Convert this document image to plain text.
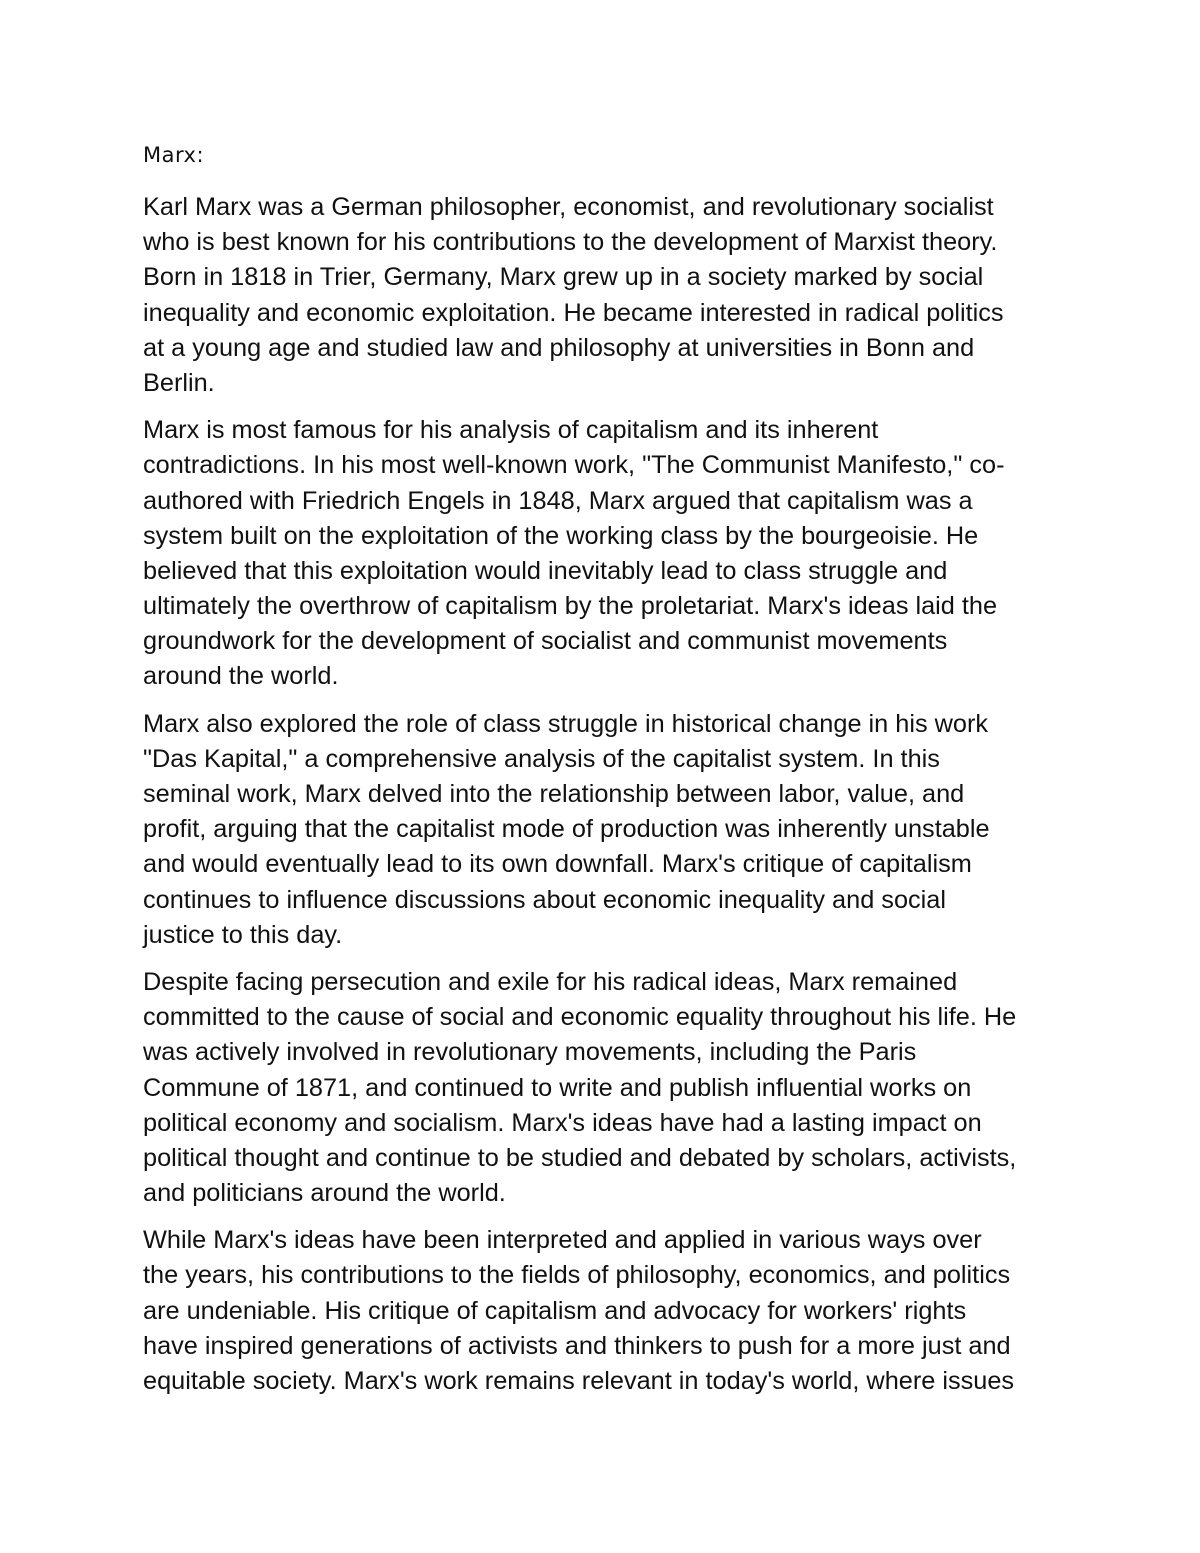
Marx:
Karl Marx was a German philosopher, economist, and revolutionary socialist
who is best known for his contributions to the development of Marxist theory.
Born in 1818 in Trier, Germany, Marx grew up in a society marked by social
inequality and economic exploitation. He became interested in radical politics
at a young age and studied law and philosophy at universities in Bonn and
Berlin.
Marx is most famous for his analysis of capitalism and its inherent
contradictions. In his most well-known work, "The Communist Manifesto," co-
authored with Friedrich Engels in 1848, Marx argued that capitalism was a
system built on the exploitation of the working class by the bourgeoisie. He
believed that this exploitation would inevitably lead to class struggle and
ultimately the overthrow of capitalism by the proletariat. Marx's ideas laid the
groundwork for the development of socialist and communist movements
around the world.
Marx also explored the role of class struggle in historical change in his work
"Das Kapital," a comprehensive analysis of the capitalist system. In this
seminal work, Marx delved into the relationship between labor, value, and
profit, arguing that the capitalist mode of production was inherently unstable
and would eventually lead to its own downfall. Marx's critique of capitalism
continues to influence discussions about economic inequality and social
justice to this day.
Despite facing persecution and exile for his radical ideas, Marx remained
committed to the cause of social and economic equality throughout his life. He
was actively involved in revolutionary movements, including the Paris
Commune of 1871, and continued to write and publish influential works on
political economy and socialism. Marx's ideas have had a lasting impact on
political thought and continue to be studied and debated by scholars, activists,
and politicians around the world.
While Marx's ideas have been interpreted and applied in various ways over
the years, his contributions to the fields of philosophy, economics, and politics
are undeniable. His critique of capitalism and advocacy for workers' rights
have inspired generations of activists and thinkers to push for a more just and
equitable society. Marx's work remains relevant in today's world, where issues
